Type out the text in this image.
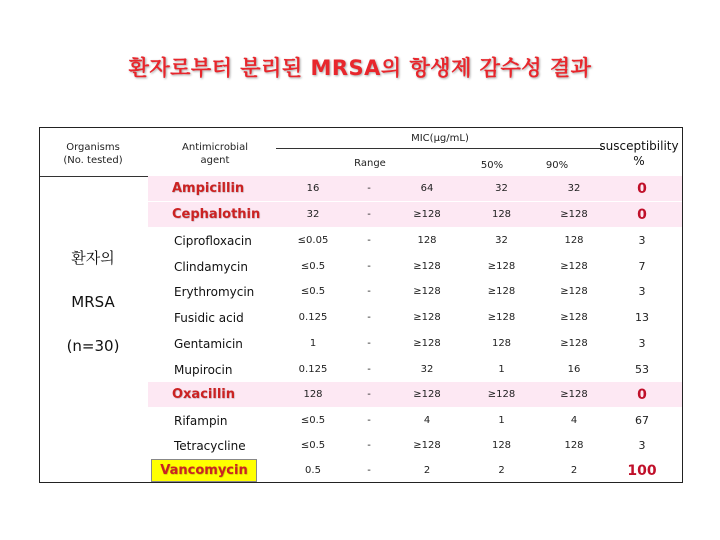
환자로부터 분리된 MRSA의 항생제 감수성 결과
Organisms
(No. tested)
Antimicrobial
agent
MIC(μg/mL)
Range	50%	90%
susceptibility
%
환자의
MRSA
(n=30)
Ampicillin	16	-	64	32	32	0
Cephalothin	32	-	≥128	128	≥128	0
Ciprofloxacin	≤0.05	-	128	32	128	3
Clindamycin	≤0.5	-	≥128	≥128	≥128	7
Erythromycin	≤0.5	-	≥128	≥128	≥128	3
Fusidic acid	0.125	-	≥128	≥128	≥128	13
Gentamicin	1	-	≥128	128	≥128	3
Mupirocin	0.125	-	32	1	16	53
Oxacillin	128	-	≥128	≥128	≥128	0
Rifampin	≤0.5	-	4	1	4	67
Tetracycline	≤0.5	-	≥128	128	128	3
Vancomycin	0.5	-	2	2	2	100
